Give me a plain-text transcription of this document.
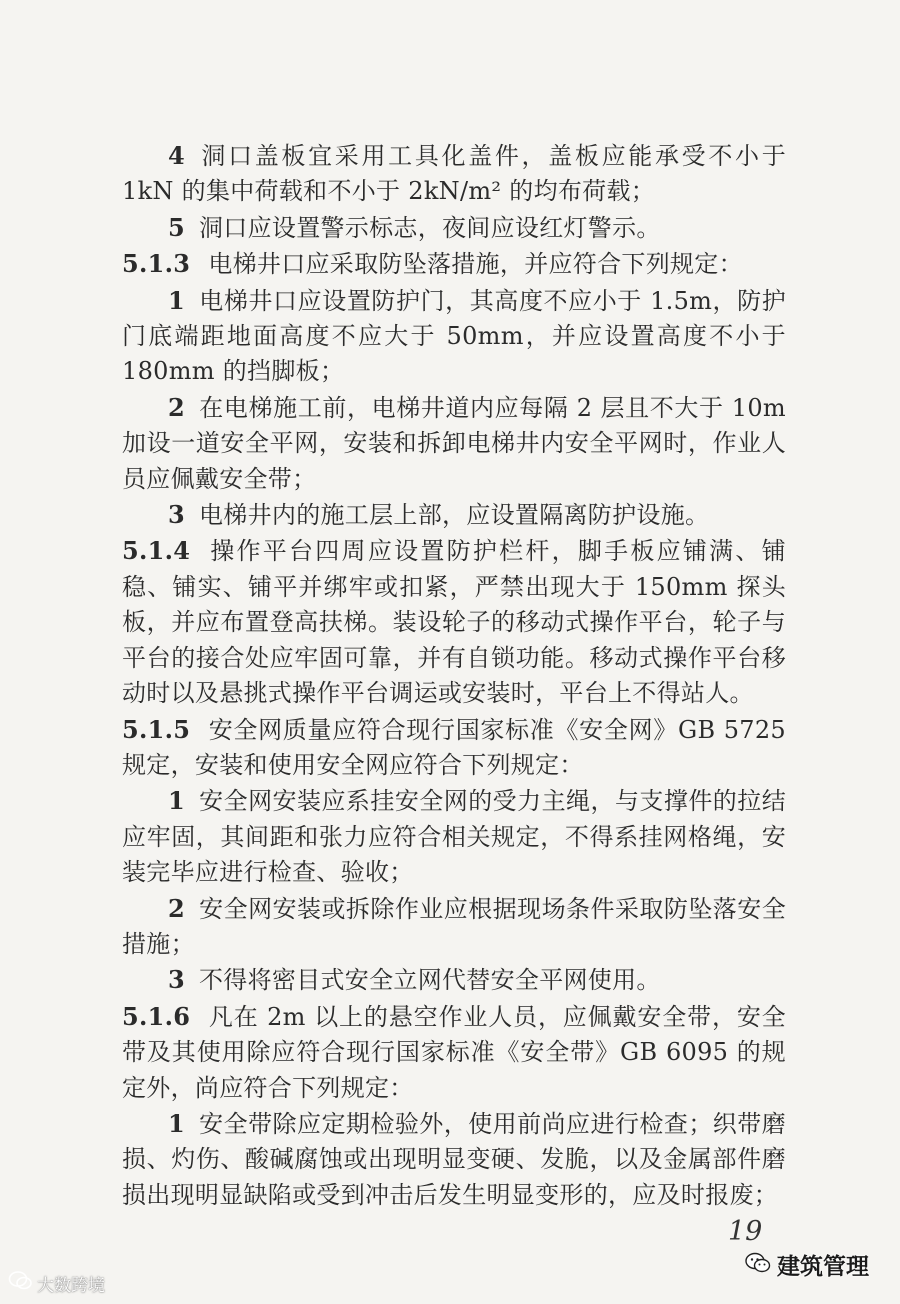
4 洞口盖板宜采用工具化盖件，盖板应能承受不小于 1kN 的集中荷载和不小于 2kN/m² 的均布荷载；

5 洞口应设置警示标志，夜间应设红灯警示。

5.1.3 电梯井口应采取防坠落措施，并应符合下列规定：

1 电梯井口应设置防护门，其高度不应小于 1.5m，防护门底端距地面高度不应大于 50mm，并应设置高度不小于 180mm 的挡脚板；

2 在电梯施工前，电梯井道内应每隔 2 层且不大于 10m 加设一道安全平网，安装和拆卸电梯井内安全平网时，作业人员应佩戴安全带；

3 电梯井内的施工层上部，应设置隔离防护设施。

5.1.4 操作平台四周应设置防护栏杆，脚手板应铺满、铺稳、铺实、铺平并绑牢或扣紧，严禁出现大于 150mm 探头板，并应布置登高扶梯。装设轮子的移动式操作平台，轮子与平台的接合处应牢固可靠，并有自锁功能。移动式操作平台移动时以及悬挑式操作平台调运或安装时，平台上不得站人。

5.1.5 安全网质量应符合现行国家标准《安全网》GB 5725 规定，安装和使用安全网应符合下列规定：

1 安全网安装应系挂安全网的受力主绳，与支撑件的拉结应牢固，其间距和张力应符合相关规定，不得系挂网格绳，安装完毕应进行检查、验收；

2 安全网安装或拆除作业应根据现场条件采取防坠落安全措施；

3 不得将密目式安全立网代替安全平网使用。

5.1.6 凡在 2m 以上的悬空作业人员，应佩戴安全带，安全带及其使用除应符合现行国家标准《安全带》GB 6095 的规定外，尚应符合下列规定：

1 安全带除应定期检验外，使用前尚应进行检查；织带磨损、灼伤、酸碱腐蚀或出现明显变硬、发脆，以及金属部件磨损出现明显缺陷或受到冲击后发生明显变形的，应及时报废；

19
建筑管理
大数跨境
